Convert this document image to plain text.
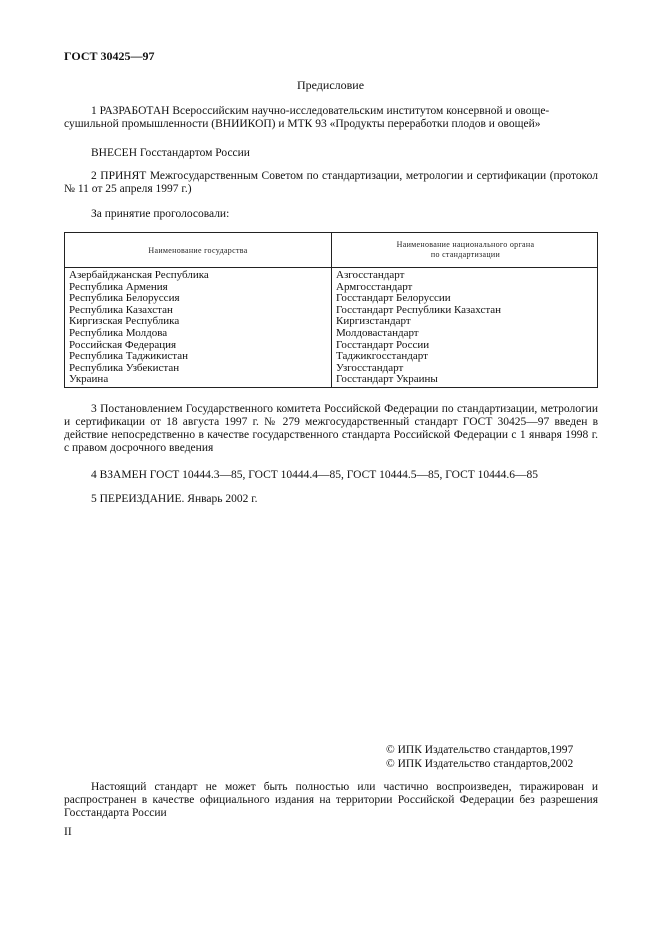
ГОСТ 30425—97
Предисловие
1 РАЗРАБОТАН Всероссийским научно-исследовательским институтом консервной и овоще-
сушильной промышленности (ВНИИКОП) и МТК 93 «Продукты переработки плодов и овощей»
ВНЕСЕН Госстандартом России
2 ПРИНЯТ Межгосударственным Советом по стандартизации, метрологии и сертификации (протокол № 11 от 25 апреля 1997 г.)
За принятие проголосовали:
Наименование государства
Наименование национального органа
по стандартизации
Азербайджанская Республика
Республика Армения
Республика Белоруссия
Республика Казахстан
Киргизская Республика
Республика Молдова
Российская Федерация
Республика Таджикистан
Республика Узбекистан
Украина
Азгосстандарт
Армгосстандарт
Госстандарт Белоруссии
Госстандарт Республики Казахстан
Киргизстандарт
Молдовастандарт
Госстандарт России
Таджикгосстандарт
Узгосстандарт
Госстандарт Украины
3 Постановлением Государственного комитета Российской Федерации по стандартизации, метрологии и сертификации от 18 августа 1997 г. № 279 межгосударственный стандарт ГОСТ 30425—97 введен в действие непосредственно в качестве государственного стандарта Российской Федерации с 1 января 1998 г. с правом досрочного введения
4 ВЗАМЕН ГОСТ 10444.3—85, ГОСТ 10444.4—85, ГОСТ 10444.5—85, ГОСТ 10444.6—85
5 ПЕРЕИЗДАНИЕ. Январь 2002 г.
© ИПК Издательство стандартов,1997
© ИПК Издательство стандартов,2002
Настоящий стандарт не может быть полностью или частично воспроизведен, тиражирован и распространен в качестве официального издания на территории Российской Федерации без разрешения Госстандарта России
II
